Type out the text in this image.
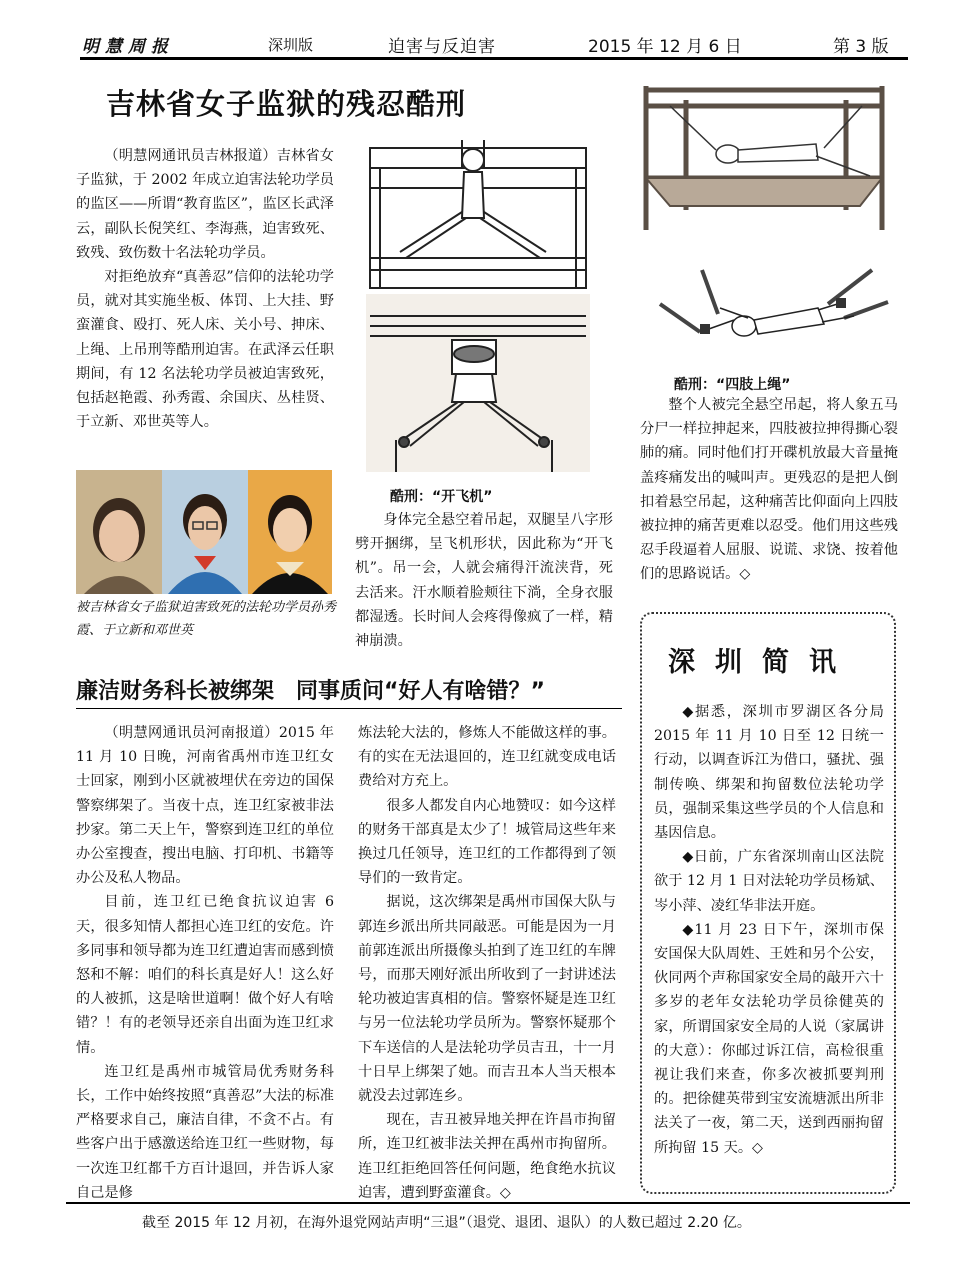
明慧周报	深圳版	迫害与反迫害	2015 年 12 月 6 日	第 3 版
吉林省女子监狱的残忍酷刑

（明慧网通讯员吉林报道）吉林省女子监狱，于 2002 年成立迫害法轮功学员的监区——所谓“教育监区”，监区长武泽云，副队长倪笑红、李海燕，迫害致死、致残、致伤数十名法轮功学员。

对拒绝放弃“真善忍”信仰的法轮功学员，就对其实施坐板、体罚、上大挂、野蛮灌食、殴打、死人床、关小号、抻床、上绳、上吊刑等酷刑迫害。在武泽云任职期间，有 12 名法轮功学员被迫害致死，包括赵艳霞、孙秀霞、余国庆、丛桂贤、于立新、邓世英等人。

被吉林省女子监狱迫害致死的法轮功学员孙秀霞、于立新和邓世英
酷刑：“开飞机”

身体完全悬空着吊起，双腿呈八字形劈开捆绑，呈飞机形状，因此称为“开飞机”。吊一会，人就会痛得汗流浃背，死去活来。汗水顺着脸颊往下淌，全身衣服都湿透。长时间人会疼得像疯了一样，精神崩溃。

酷刑：“四肢上绳”

整个人被完全悬空吊起，将人象五马分尸一样拉抻起来，四肢被拉抻得撕心裂肺的痛。同时他们打开碟机放最大音量掩盖疼痛发出的喊叫声。更残忍的是把人倒扣着悬空吊起，这种痛苦比仰面向上四肢被拉抻的痛苦更难以忍受。他们用这些残忍手段逼着人屈服、说谎、求饶、按着他们的思路说话。◇

廉洁财务科长被绑架　同事质问“好人有啥错？”

（明慧网通讯员河南报道）2015 年 11 月 10 日晚，河南省禹州市连卫红女士回家，刚到小区就被埋伏在旁边的国保警察绑架了。当夜十点，连卫红家被非法抄家。第二天上午，警察到连卫红的单位办公室搜查，搜出电脑、打印机、书籍等办公及私人物品。

目前，连卫红已绝食抗议迫害 6 天，很多知情人都担心连卫红的安危。许多同事和领导都为连卫红遭迫害而感到愤怒和不解：咱们的科长真是好人！这么好的人被抓，这是啥世道啊！做个好人有啥错？！有的老领导还亲自出面为连卫红求情。

连卫红是禹州市城管局优秀财务科长，工作中始终按照“真善忍”大法的标准严格要求自己，廉洁自律，不贪不占。有些客户出于感激送给连卫红一些财物，每一次连卫红都千方百计退回，并告诉人家自己是修

炼法轮大法的，修炼人不能做这样的事。有的实在无法退回的，连卫红就变成电话费给对方充上。

很多人都发自内心地赞叹：如今这样的财务干部真是太少了！城管局这些年来换过几任领导，连卫红的工作都得到了领导们的一致肯定。

据说，这次绑架是禹州市国保大队与郭连乡派出所共同敲恶。可能是因为一月前郭连派出所摄像头拍到了连卫红的车牌号，而那天刚好派出所收到了一封讲述法轮功被迫害真相的信。警察怀疑是连卫红与另一位法轮功学员所为。警察怀疑那个下车送信的人是法轮功学员吉丑，十一月十日早上绑架了她。而吉丑本人当天根本就没去过郭连乡。

现在，吉丑被异地关押在许昌市拘留所，连卫红被非法关押在禹州市拘留所。连卫红拒绝回答任何问题，绝食绝水抗议迫害，遭到野蛮灌食。◇

深圳简讯

◆据悉，深圳市罗湖区各分局 2015 年 11 月 10 日至 12 日统一行动，以调查诉江为借口，骚扰、强制传唤、绑架和拘留数位法轮功学员，强制采集这些学员的个人信息和基因信息。

◆日前，广东省深圳南山区法院欲于 12 月 1 日对法轮功学员杨斌、岑小萍、凌红华非法开庭。

◆11 月 23 日下午，深圳市保安国保大队周姓、王姓和另个公安，伙同两个声称国家安全局的敲开六十多岁的老年女法轮功学员徐健英的家，所谓国家安全局的人说（家属讲的大意）：你邮过诉江信，高检很重视让我们来查，你多次被抓要判刑的。把徐健英带到宝安流塘派出所非法关了一夜，第二天，送到西丽拘留所拘留 15 天。◇

截至 2015 年 12 月初，在海外退党网站声明“三退”（退党、退团、退队）的人数已超过 2.20 亿。
